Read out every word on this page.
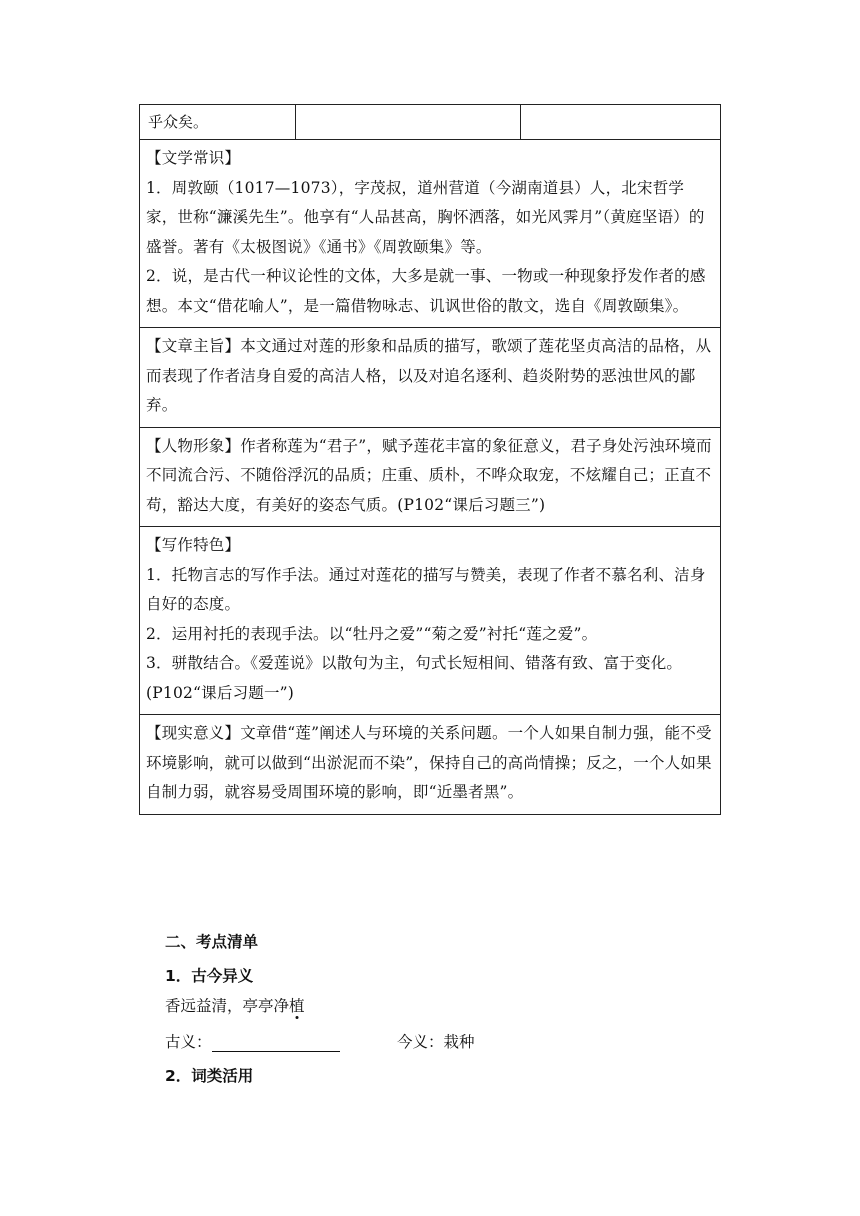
乎众矣。

【文学常识】

1．周敦颐（1017—1073），字茂叔，道州营道（今湖南道县）人，北宋哲学家，世称“濂溪先生”。他享有“人品甚高，胸怀洒落，如光风霁月”（黄庭坚语）的盛誉。著有《太极图说》《通书》《周敦颐集》等。

2．说，是古代一种议论性的文体，大多是就一事、一物或一种现象抒发作者的感想。本文“借花喻人”，是一篇借物咏志、讥讽世俗的散文，选自《周敦颐集》。

【文章主旨】本文通过对莲的形象和品质的描写，歌颂了莲花坚贞高洁的品格，从而表现了作者洁身自爱的高洁人格，以及对追名逐利、趋炎附势的恶浊世风的鄙弃。

【人物形象】作者称莲为“君子”，赋予莲花丰富的象征意义，君子身处污浊环境而不同流合污、不随俗浮沉的品质；庄重、质朴，不哗众取宠，不炫耀自己；正直不苟，豁达大度，有美好的姿态气质。(P102“课后习题三”)

【写作特色】

1．托物言志的写作手法。通过对莲花的描写与赞美，表现了作者不慕名利、洁身自好的态度。

2．运用衬托的表现手法。以“牡丹之爱”“菊之爱”衬托“莲之爱”。

3．骈散结合。《爱莲说》以散句为主，句式长短相间、错落有致、富于变化。(P102“课后习题一”)

【现实意义】文章借“莲”阐述人与环境的关系问题。一个人如果自制力强，能不受环境影响，就可以做到“出淤泥而不染”，保持自己的高尚情操；反之，一个人如果自制力弱，就容易受周围环境的影响，即“近墨者黑”。

二、考点清单
1．古今异义
香远益清，亭亭净植
古义：	今义：栽种
2．词类活用
